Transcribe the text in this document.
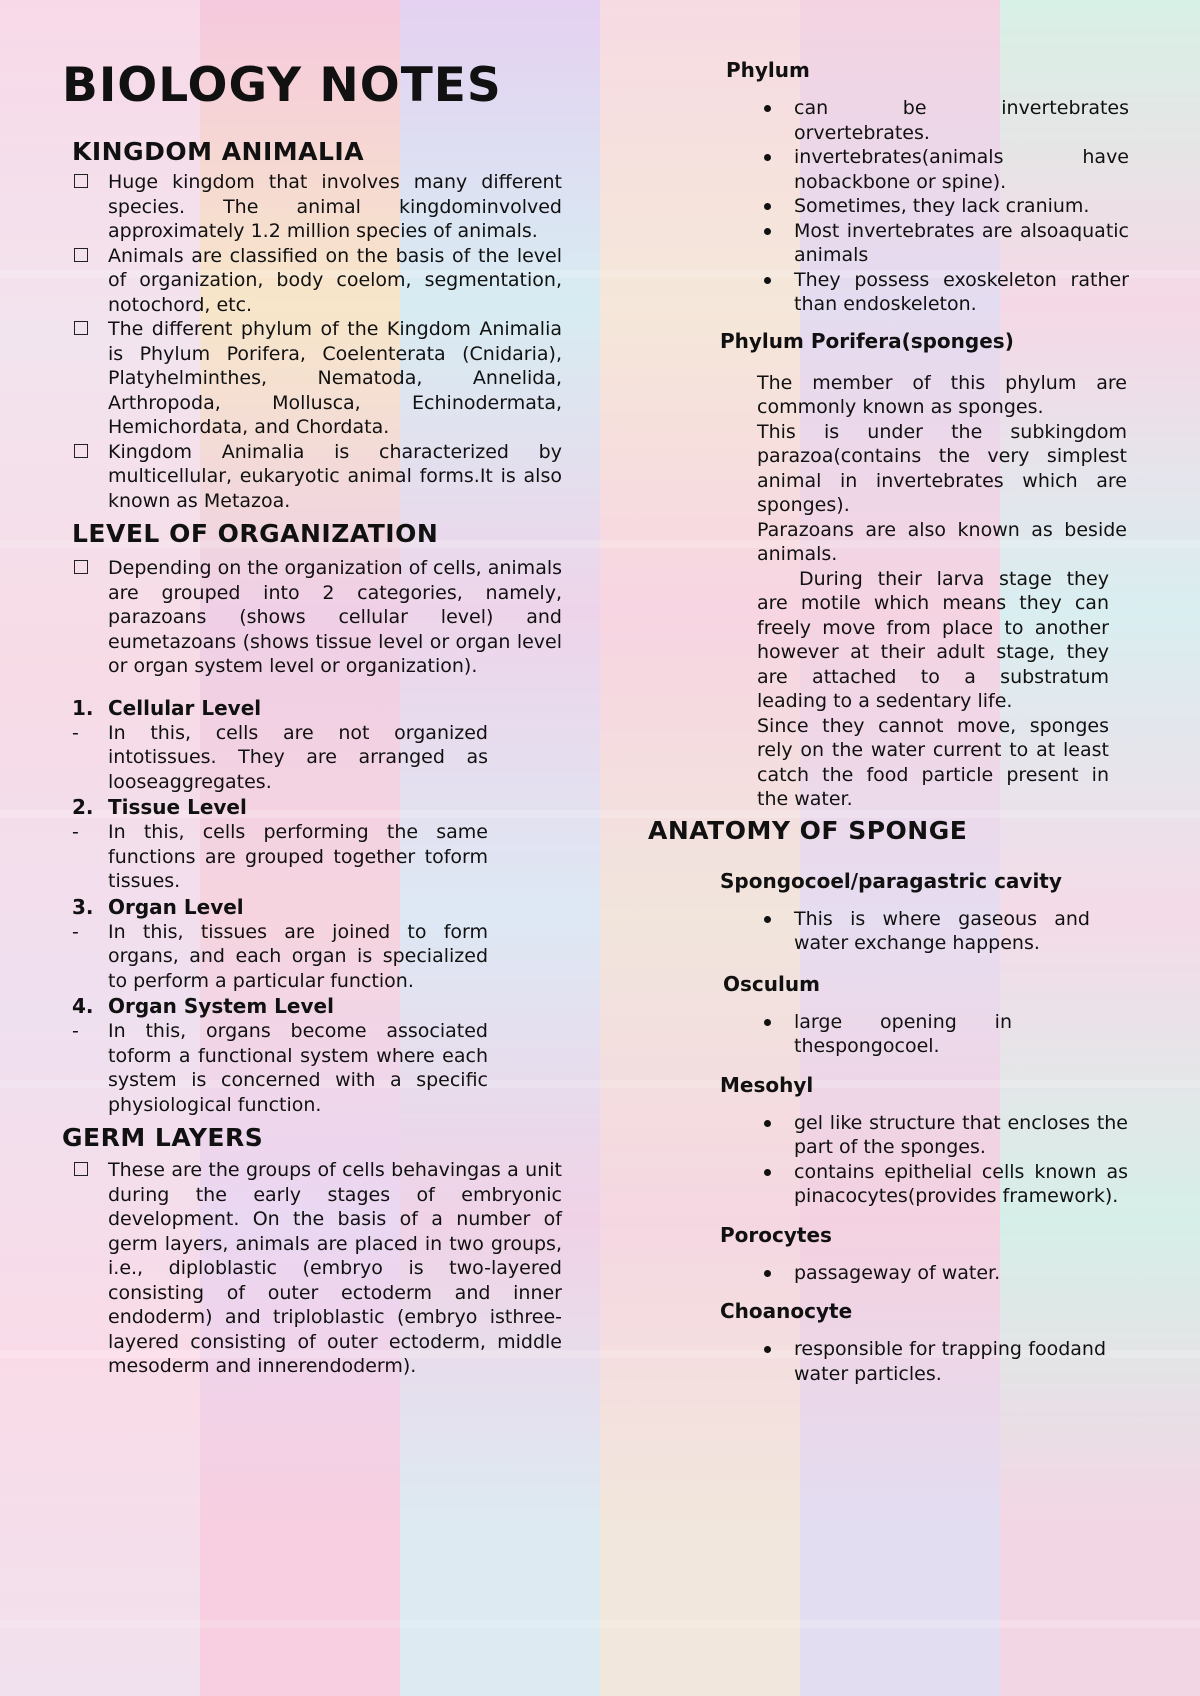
BIOLOGY NOTES
KINGDOM ANIMALIA
Huge kingdom that involves many different species. The animal kingdominvolved approximately 1.2 million species of animals.
Animals are classified on the basis of the level of organization, body coelom, segmentation, notochord, etc.
The different phylum of the Kingdom Animalia is Phylum Porifera, Coelenterata (Cnidaria), Platyhelminthes, Nematoda, Annelida, Arthropoda, Mollusca, Echinodermata, Hemichordata, and Chordata.
Kingdom Animalia is characterized by multicellular, eukaryotic animal forms.It is also known as Metazoa.
LEVEL OF ORGANIZATION
Depending on the organization of cells, animals are grouped into 2 categories, namely, parazoans (shows cellular level) and eumetazoans (shows tissue level or organ level or organ system level or organization).
1. Cellular Level
- In this, cells are not organized intotissues. They are arranged as looseaggregates.
2. Tissue Level
- In this, cells performing the same functions are grouped together toform tissues.
3. Organ Level
- In this, tissues are joined to form organs, and each organ is specialized to perform a particular function.
4. Organ System Level
- In this, organs become associated toform a functional system where each system is concerned with a specific physiological function.
GERM LAYERS
These are the groups of cells behavingas a unit during the early stages of embryonic development. On the basis of a number of germ layers, animals are placed in two groups, i.e., diploblastic (embryo is two-layered consisting of outer ectoderm and inner endoderm) and triploblastic (embryo isthree-layered consisting of outer ectoderm, middle mesoderm and innerendoderm).
Phylum
can be invertebrates orvertebrates.
invertebrates(animals have nobackbone or spine).
Sometimes, they lack cranium.
Most invertebrates are alsoaquatic animals
They possess exoskeleton rather than endoskeleton.
Phylum Porifera(sponges)
The member of this phylum are commonly known as sponges.
This is under the subkingdom parazoa(contains the very simplest animal in invertebrates which are sponges).
Parazoans are also known as beside animals.
During their larva stage they are motile which means they can freely move from place to another however at their adult stage, they are attached to a substratum leading to a sedentary life.
Since they cannot move, sponges rely on the water current to at least catch the food particle present in the water.
ANATOMY OF SPONGE
Spongocoel/paragastric cavity
This is where gaseous and water exchange happens.
Osculum
large opening in thespongocoel.
Mesohyl
gel like structure that encloses the part of the sponges.
contains epithelial cells known as pinacocytes(provides framework).
Porocytes
passageway of water.
Choanocyte
responsible for trapping foodand water particles.
